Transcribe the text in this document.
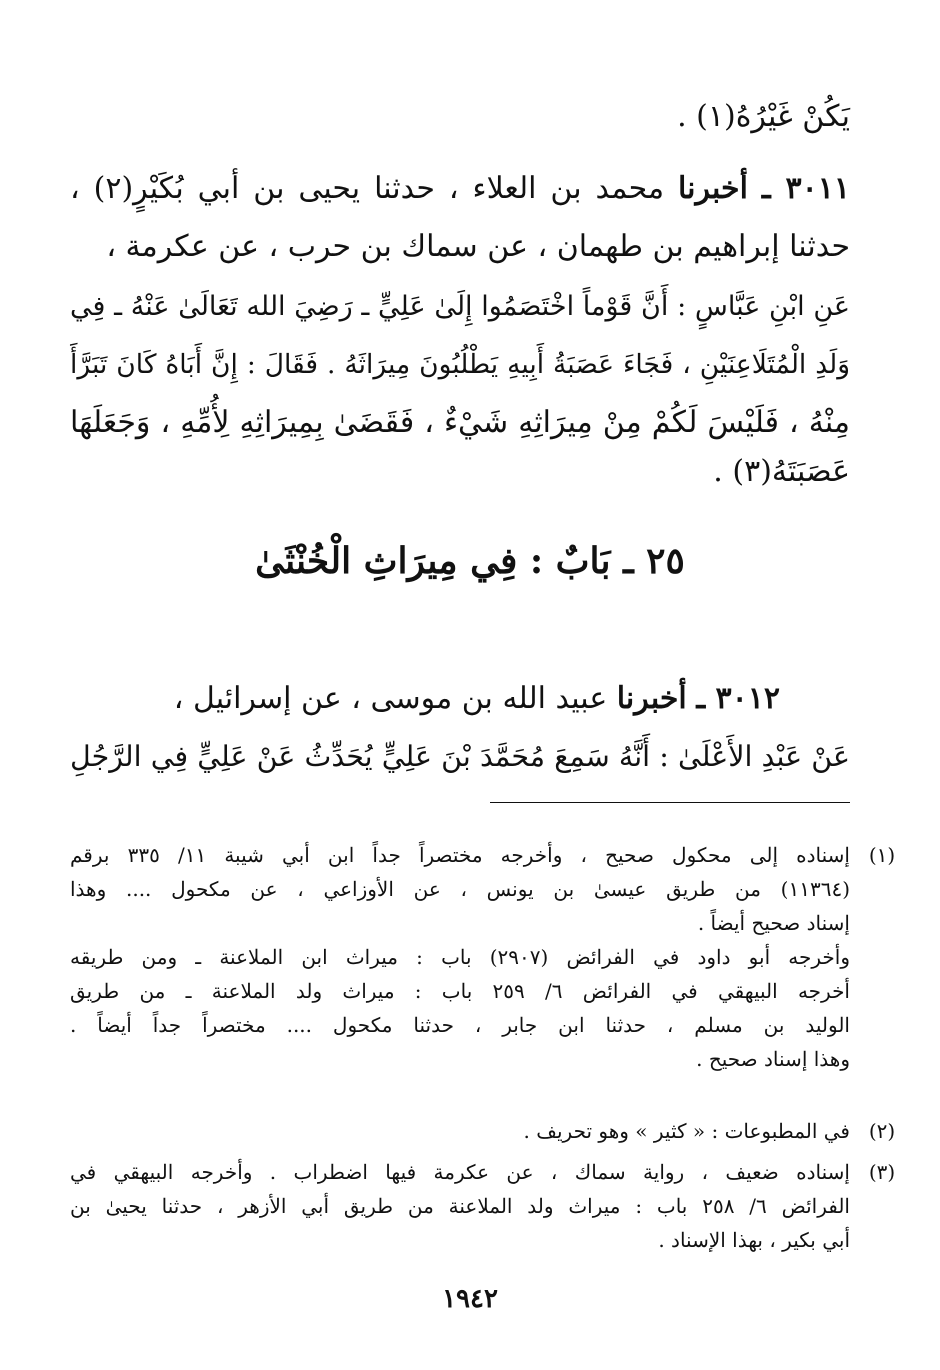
يَكُنْ غَيْرُهُ(١) .
٣٠١١ ـ أخبرنا محمد بن العلاء ، حدثنا يحيى بن أبي بُكَيْرٍ(٢) ،
حدثنا إبراهيم بن طهمان ، عن سماك بن حرب ، عن عكرمة ،
عَنِ ابْنِ عَبَّاسٍ : أَنَّ قَوْماً اخْتَصَمُوا إِلَىٰ عَلِيٍّ ـ رَضِيَ الله تَعَالَىٰ عَنْهُ ـ فِي
وَلَدِ الْمُتَلَاعِنَيْنِ ، فَجَاءَ عَصَبَةُ أَبِيهِ يَطْلُبُونَ مِيرَاثَهُ . فَقَالَ : إِنَّ أَبَاهُ كَانَ تَبَرَّأَ
مِنْهُ ، فَلَيْسَ لَكُمْ مِنْ مِيرَاثِهِ شَيْءٌ ، فَقَضَىٰ بِمِيرَاثِهِ لِأُمِّهِ ، وَجَعَلَهَا
عَصَبَتَهُ(٣) .
٢٥ ـ بَابٌ : فِي مِيرَاثِ الْخُنْثَىٰ
٣٠١٢ ـ أخبرنا عبيد الله بن موسى ، عن إسرائيل ،
عَنْ عَبْدِ الأَعْلَىٰ : أَنَّهُ سَمِعَ مُحَمَّدَ بْنَ عَلِيٍّ يُحَدِّثُ عَنْ عَلِيٍّ فِي الرَّجُلِ
(١)
إسناده إلى محكول صحيح ، وأخرجه مختصراً جداً ابن أبي شيبة ١١/ ٣٣٥ برقم
(١١٣٦٤) من طريق عيسىٰ بن يونس ، عن الأوزاعي ، عن مكحول .... وهذا
إسناد صحيح أيضاً .
وأخرجه أبو داود في الفرائض (٢٩٠٧) باب : ميراث ابن الملاعنة ـ ومن طريقه
أخرجه البيهقي في الفرائض ٦/ ٢٥٩ باب : ميراث ولد الملاعنة ـ من طريق
الوليد بن مسلم ، حدثنا ابن جابر ، حدثنا مكحول .... مختصراً جداً أيضاً .
وهذا إسناد صحيح .
(٢)
في المطبوعات : « كثير » وهو تحريف .
(٣)
إسناده ضعيف ، رواية سماك ، عن عكرمة فيها اضطراب . وأخرجه البيهقي في
الفرائض ٦/ ٢٥٨ باب : ميراث ولد الملاعنة من طريق أبي الأزهر ، حدثنا يحيىٰ بن
أبي بكير ، بهذا الإسناد .
١٩٤٢
